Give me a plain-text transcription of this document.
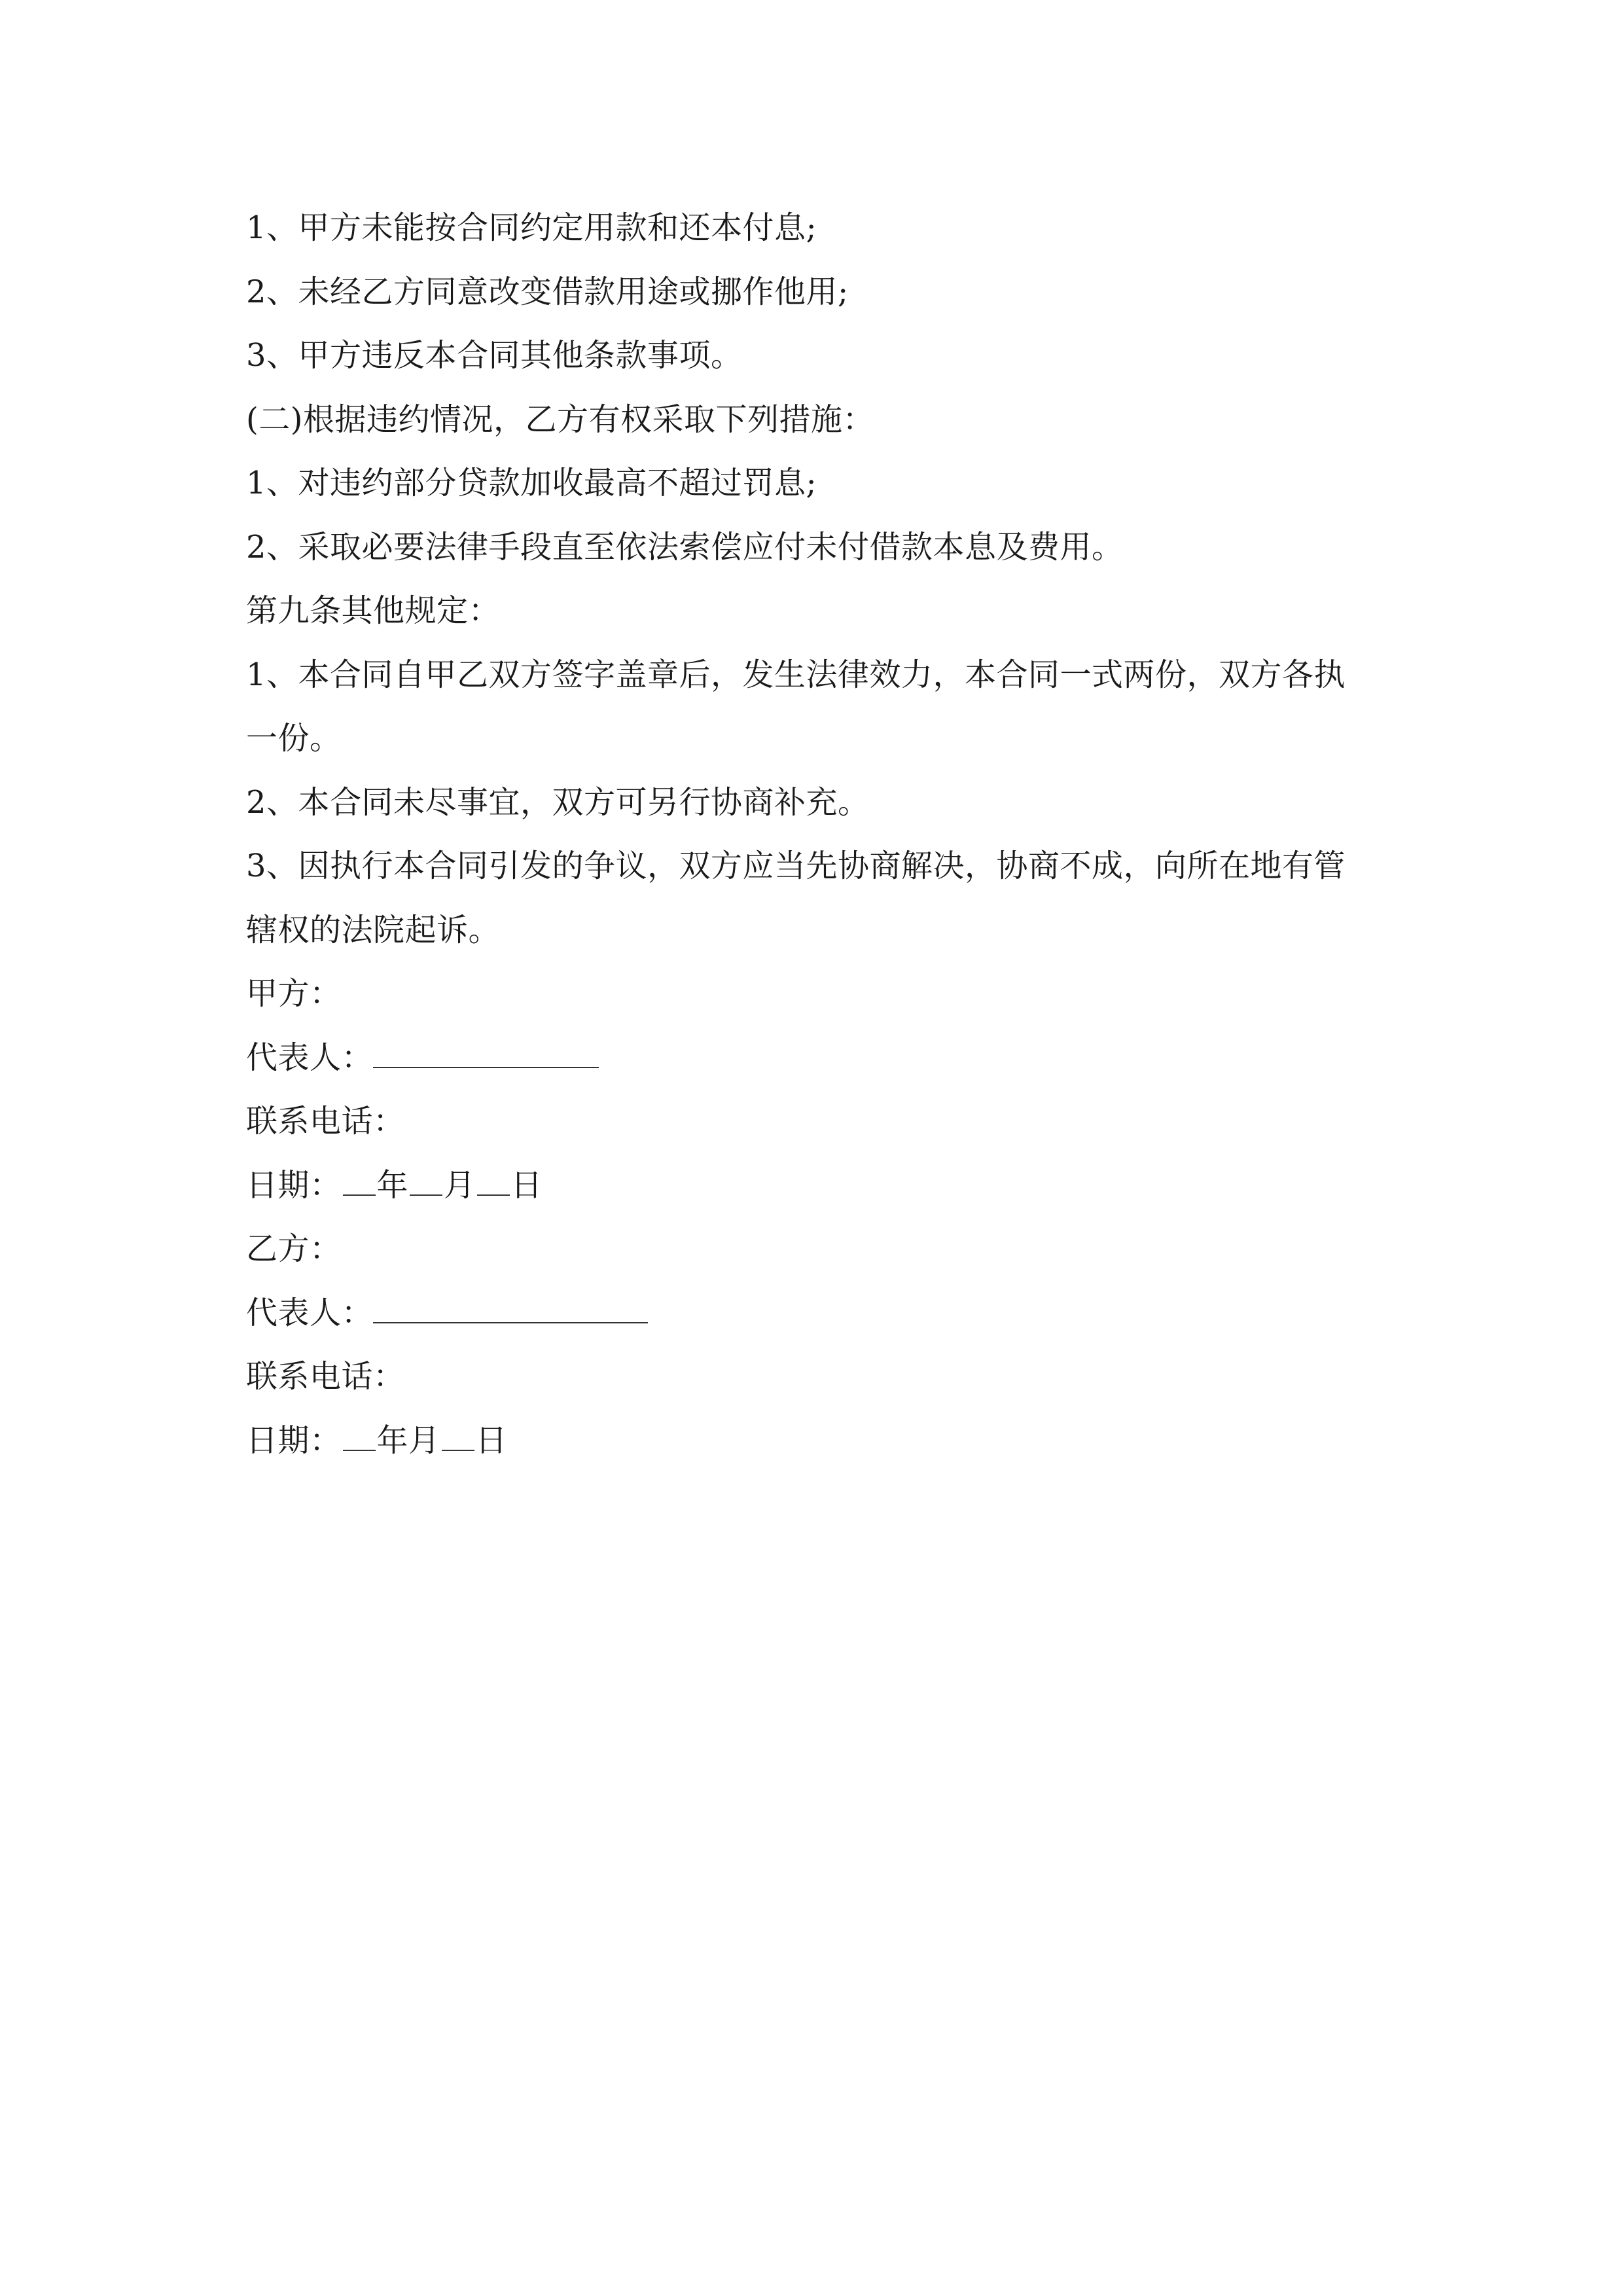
1、甲方未能按合同约定用款和还本付息;
2、未经乙方同意改变借款用途或挪作他用;
3、甲方违反本合同其他条款事项。
(二)根据违约情况，乙方有权采取下列措施：
1、对违约部分贷款加收最高不超过罚息;
2、采取必要法律手段直至依法索偿应付未付借款本息及费用。
第九条其他规定：
1、本合同自甲乙双方签字盖章后，发生法律效力，本合同一式两份，双方各执
一份。
2、本合同未尽事宜，双方可另行协商补充。
3、因执行本合同引发的争议，双方应当先协商解决，协商不成，向所在地有管
辖权的法院起诉。
甲方：
代表人：
联系电话：
日期： 年 月 日
乙方：
代表人：
联系电话：
日期： 年月 日
